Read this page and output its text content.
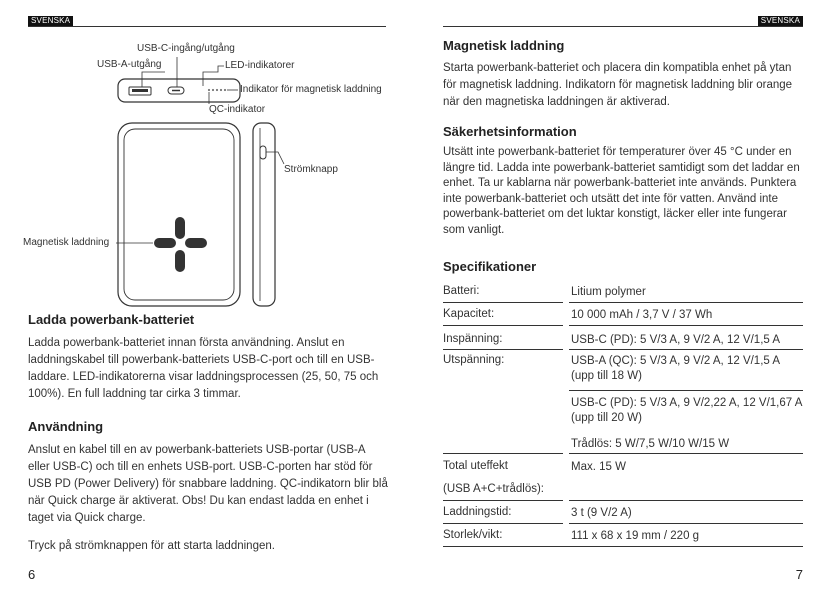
SVENSKA	SVENSKA
USB-C-ingång/utgång
USB-A-utgång	LED-indikatorer
Indikator för magnetisk laddning
QC-indikator
Strömknapp
Magnetisk laddning
Ladda powerbank-batteriet
Ladda powerbank-batteriet innan första användning. Anslut en laddningskabel till powerbank-batteriets USB-C-port och till en USB-laddare. LED-indikatorerna visar laddningsprocessen (25, 50, 75 och 100%). En full laddning tar cirka 3 timmar.
Användning
Anslut en kabel till en av powerbank-batteriets USB-portar (USB-A eller USB-C) och till en enhets USB-port. USB-C-porten har stöd för USB PD (Power Delivery) för snabbare laddning. QC-indikatorn blir blå när Quick charge är aktiverat. Obs! Du kan endast ladda en enhet i taget via Quick charge.
Tryck på strömknappen för att starta laddningen.
6
Magnetisk laddning
Starta powerbank-batteriet och placera din kompatibla enhet på ytan för magnetisk laddning. Indikatorn för magnetisk laddning blir orange när den magnetiska laddningen är aktiverad.
Säkerhetsinformation
Utsätt inte powerbank-batteriet för temperaturer över 45 °C under en längre tid. Ladda inte powerbank-batteriet samtidigt som det laddar en enhet. Ta ur kablarna när powerbank-batteriet inte används. Punktera inte powerbank-batteriet och utsätt det inte för vatten. Använd inte powerbank-batteriet om det luktar konstigt, läcker eller inte fungerar som vanligt.
Specifikationer
Batteri:	Litium polymer
Kapacitet:	10 000 mAh / 3,7 V / 37 Wh
Inspänning:	USB-C (PD): 5 V/3 A, 9 V/2 A, 12 V/1,5 A
Utspänning:	USB-A (QC): 5 V/3 A, 9 V/2 A, 12 V/1,5 A (upp till 18 W)
USB-C (PD): 5 V/3 A, 9 V/2,22 A, 12 V/1,67 A (upp till 20 W)
Trådlös: 5 W/7,5 W/10 W/15 W
Total uteffekt	Max. 15 W
(USB A+C+trådlös):
Laddningstid:	3 t (9 V/2 A)
Storlek/vikt:	111 x 68 x 19 mm / 220 g
7
